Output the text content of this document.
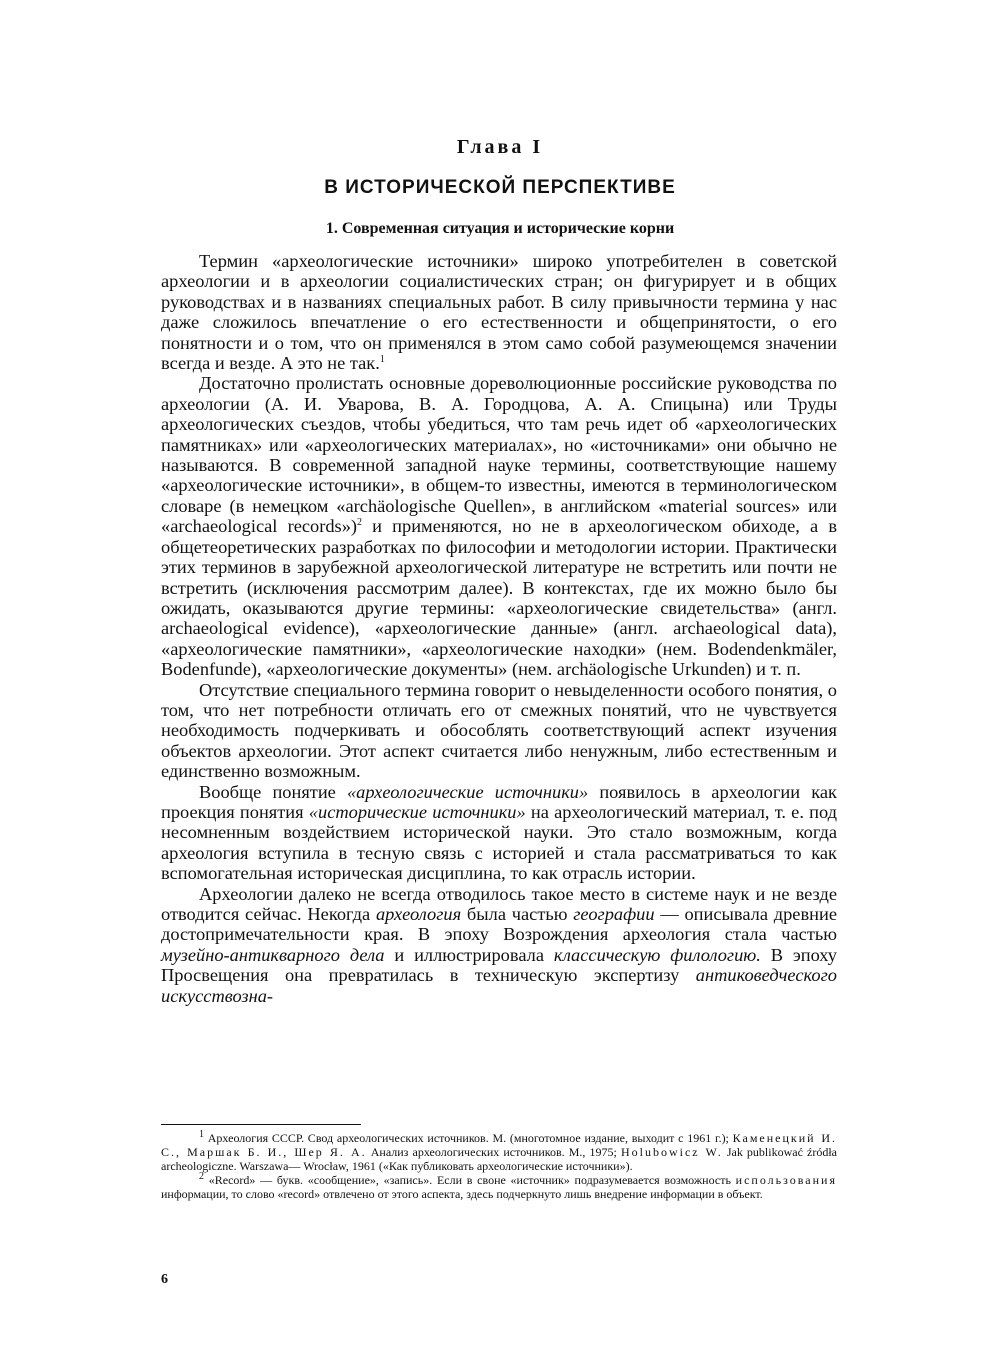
Глава I
В ИСТОРИЧЕСКОЙ ПЕРСПЕКТИВЕ
1. Современная ситуация и исторические корни

Термин «археологические источники» широко употребителен в советской археологии и в археологии социалистических стран; он фигурирует и в общих руководствах и в названиях специальных работ. В силу привычности термина у нас даже сложилось впечатление о его естественности и общепринятости, о его понятности и о том, что он применялся в этом само собой разумеющемся значении всегда и везде. А это не так.$^1$

Достаточно пролистать основные дореволюционные российские руководства по археологии (А. И. Уварова, В. А. Городцова, А. А. Спицына) или Труды археологических съездов, чтобы убедиться, что там речь идет об «археологических памятниках» или «археологических материалах», но «источниками» они обычно не называются. В современной западной науке термины, соответствующие нашему «археологические источники», в общем-то известны, имеются в терминологическом словаре (в немецком «archäologische Quellen», в английском «material sources» или «archaeological records»)$^2$ и применяются, но не в археологическом обиходе, а в общетеоретических разработках по философии и методологии истории. Практически этих терминов в зарубежной археологической литературе не встретить или почти не встретить (исключения рассмотрим далее). В контекстах, где их можно было бы ожидать, оказываются другие термины: «археологические свидетельства» (англ. archaeological evidence), «археологические данные» (англ. archaeological data), «археологические памятники», «археологические находки» (нем. Bodendenkmäler, Bodenfunde), «археологические документы» (нем. archäologische Urkunden) и т. п.

Отсутствие специального термина говорит о невыделенности особого понятия, о том, что нет потребности отличать его от смежных понятий, что не чувствуется необходимость подчеркивать и обособлять соответствующий аспект изучения объектов археологии. Этот аспект считается либо ненужным, либо естественным и единственно возможным.

Вообще понятие «археологические источники» появилось в археологии как проекция понятия «исторические источники» на археологический материал, т. е. под несомненным воздействием исторической науки. Это стало возможным, когда археология вступила в тесную связь с историей и стала рассматриваться то как вспомогательная историческая дисциплина, то как отрасль истории.

Археологии далеко не всегда отводилось такое место в системе наук и не везде отводится сейчас. Некогда археология была частью географии — описывала древние достопримечательности края. В эпоху Возрождения археология стала частью музейно-антикварного дела и иллюстрировала классическую филологию. В эпоху Просвещения она превратилась в техническую экспертизу антиковедческого искусствозна-

$^1$ Археология СССР. Свод археологических источников. М. (многотомное издание, выходит с 1961 г.); Каменецкий И. С., Маршак Б. И., Шер Я. А. Анализ археологических источников. М., 1975; Holubowicz W. Jak publikować źródła archeologiczne. Warszawa— Wrocław, 1961 («Как публиковать археологические источники»).

$^2$ «Record» — букв. «сообщение», «запись». Если в своне «источник» подразумевается возможность использования информации, то слово «record» отвлечено от этого аспекта, здесь подчеркнуто лишь внедрение информации в объект.

6
